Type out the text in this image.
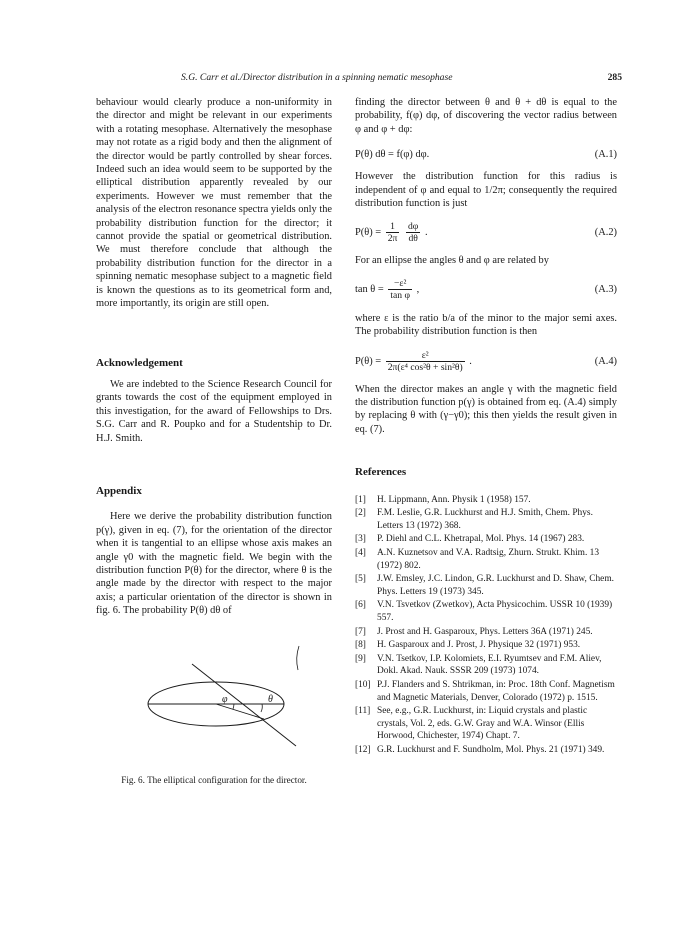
S.G. Carr et al./Director distribution in a spinning nematic mesophase	285

behaviour would clearly produce a non-uniformity in the director and might be relevant in our experiments with a rotating mesophase. Alternatively the mesophase may not rotate as a rigid body and then the alignment of the director would be partly controlled by shear forces. Indeed such an idea would seem to be supported by the elliptical distribution apparently revealed by our experiments. However we must remember that the analysis of the electron resonance spectra yields only the probability distribution function for the director; it cannot provide the spatial or geometrical distribution. We must therefore conclude that although the probability distribution function for the director in a spinning nematic mesophase subject to a magnetic field is known the questions as to its geometrical form and, more importantly, its origin are still open.

Acknowledgement

We are indebted to the Science Research Council for grants towards the cost of the equipment employed in this investigation, for the award of Fellowships to Drs. S.G. Carr and R. Poupko and for a Studentship to Dr. H.J. Smith.

Appendix

Here we derive the probability distribution function p(γ), given in eq. (7), for the orientation of the director when it is tangential to an ellipse whose axis makes an angle γ0 with the magnetic field. We begin with the distribution function P(θ) for the director, where θ is the angle made by the director with respect to the major axis; a particular orientation of the director is shown in fig. 6. The probability P(θ) dθ of

φ	θ
Fig. 6. The elliptical configuration for the director.

finding the director between θ and θ + dθ is equal to the probability, f(φ) dφ, of discovering the vector radius between φ and φ + dφ:

P(θ) dθ = f(φ) dφ.	(A.1)

However the distribution function for this radius is independent of φ and equal to 1/2π; consequently the required distribution function is just

$P(\theta) = \frac{1}{2\pi}$
$\frac{d\varphi}{d\theta}$ .	(A.2)

For an ellipse the angles θ and φ are related by

$\tan \theta = \frac{\text{−ε²}}{\text{tan φ}}$ ,	(A.3)

where ε is the ratio b/a of the minor to the major semi axes. The probability distribution function is then

$P(\theta) = \frac{\text{ε²}}{\text{2π(ε⁴ cos²θ + sin²θ)}}$ .	(A.4)

When the director makes an angle γ with the magnetic field the distribution function p(γ) is obtained from eq. (A.4) simply by replacing θ with (γ−γ0); this then yields the result given in eq. (7).

References
[1]	H. Lippmann, Ann. Physik 1 (1958) 157.
[2]	F.M. Leslie, G.R. Luckhurst and H.J. Smith, Chem. Phys. Letters 13 (1972) 368.
[3]	P. Diehl and C.L. Khetrapal, Mol. Phys. 14 (1967) 283.
[4]	A.N. Kuznetsov and V.A. Radtsig, Zhurn. Strukt. Khim. 13 (1972) 802.
[5]	J.W. Emsley, J.C. Lindon, G.R. Luckhurst and D. Shaw, Chem. Phys. Letters 19 (1973) 345.
[6]	V.N. Tsvetkov (Zwetkov), Acta Physicochim. USSR 10 (1939) 557.
[7]	J. Prost and H. Gasparoux, Phys. Letters 36A (1971) 245.
[8]	H. Gasparoux and J. Prost, J. Physique 32 (1971) 953.
[9]	V.N. Tsetkov, I.P. Kolomiets, E.I. Ryumtsev and F.M. Aliev, Dokl. Akad. Nauk. SSSR 209 (1973) 1074.
[10] P.J. Flanders and S. Shtrikman, in: Proc. 18th Conf. Magnetism and Magnetic Materials, Denver, Colorado (1972) p. 1515.
[11] See, e.g., G.R. Luckhurst, in: Liquid crystals and plastic crystals, Vol. 2, eds. G.W. Gray and W.A. Winsor (Ellis Horwood, Chichester, 1974) Chapt. 7.
[12] G.R. Luckhurst and F. Sundholm, Mol. Phys. 21 (1971) 349.
